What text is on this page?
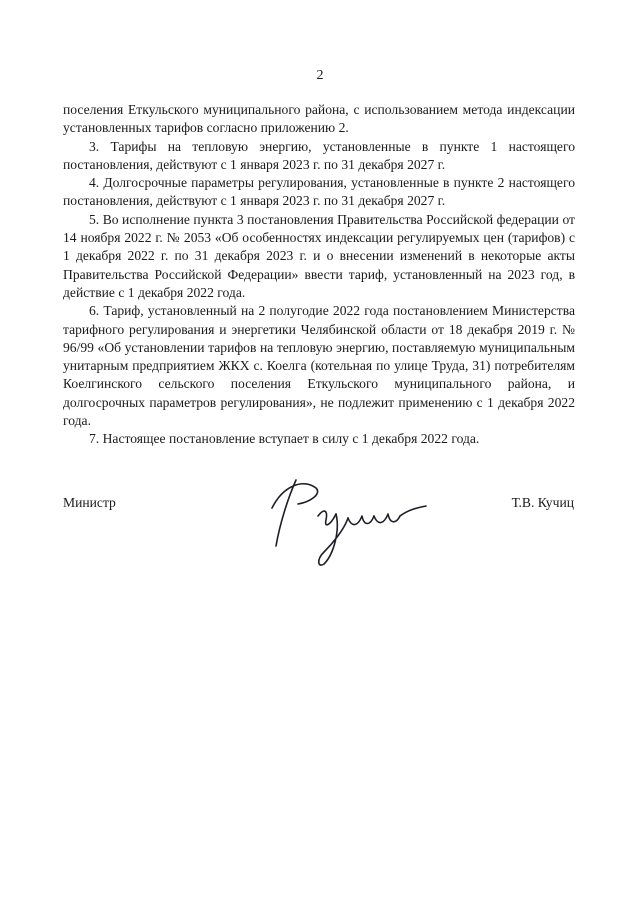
2

поселения Еткульского муниципального района, с использованием метода индексации установленных тарифов согласно приложению 2.

3. Тарифы на тепловую энергию, установленные в пункте 1 настоящего постановления, действуют с 1 января 2023 г. по 31 декабря 2027 г.

4. Долгосрочные параметры регулирования, установленные в пункте 2 настоящего постановления, действуют с 1 января 2023 г. по 31 декабря 2027 г.

5. Во исполнение пункта 3 постановления Правительства Российской федерации от 14 ноября 2022 г. № 2053 «Об особенностях индексации регулируемых цен (тарифов) с 1 декабря 2022 г. по 31 декабря 2023 г. и о внесении изменений в некоторые акты Правительства Российской Федерации» ввести тариф, установленный на 2023 год, в действие с 1 декабря 2022 года.

6. Тариф, установленный на 2 полугодие 2022 года постановлением Министерства тарифного регулирования и энергетики Челябинской области от 18 декабря 2019 г. № 96/99 «Об установлении тарифов на тепловую энергию, поставляемую муниципальным унитарным предприятием ЖКХ с. Коелга (котельная по улице Труда, 31) потребителям Коелгинского сельского поселения Еткульского муниципального района, и долгосрочных параметров регулирования», не подлежит применению с 1 декабря 2022 года.

7. Настоящее постановление вступает в силу с 1 декабря 2022 года.

Министр	Т.В. Кучиц
